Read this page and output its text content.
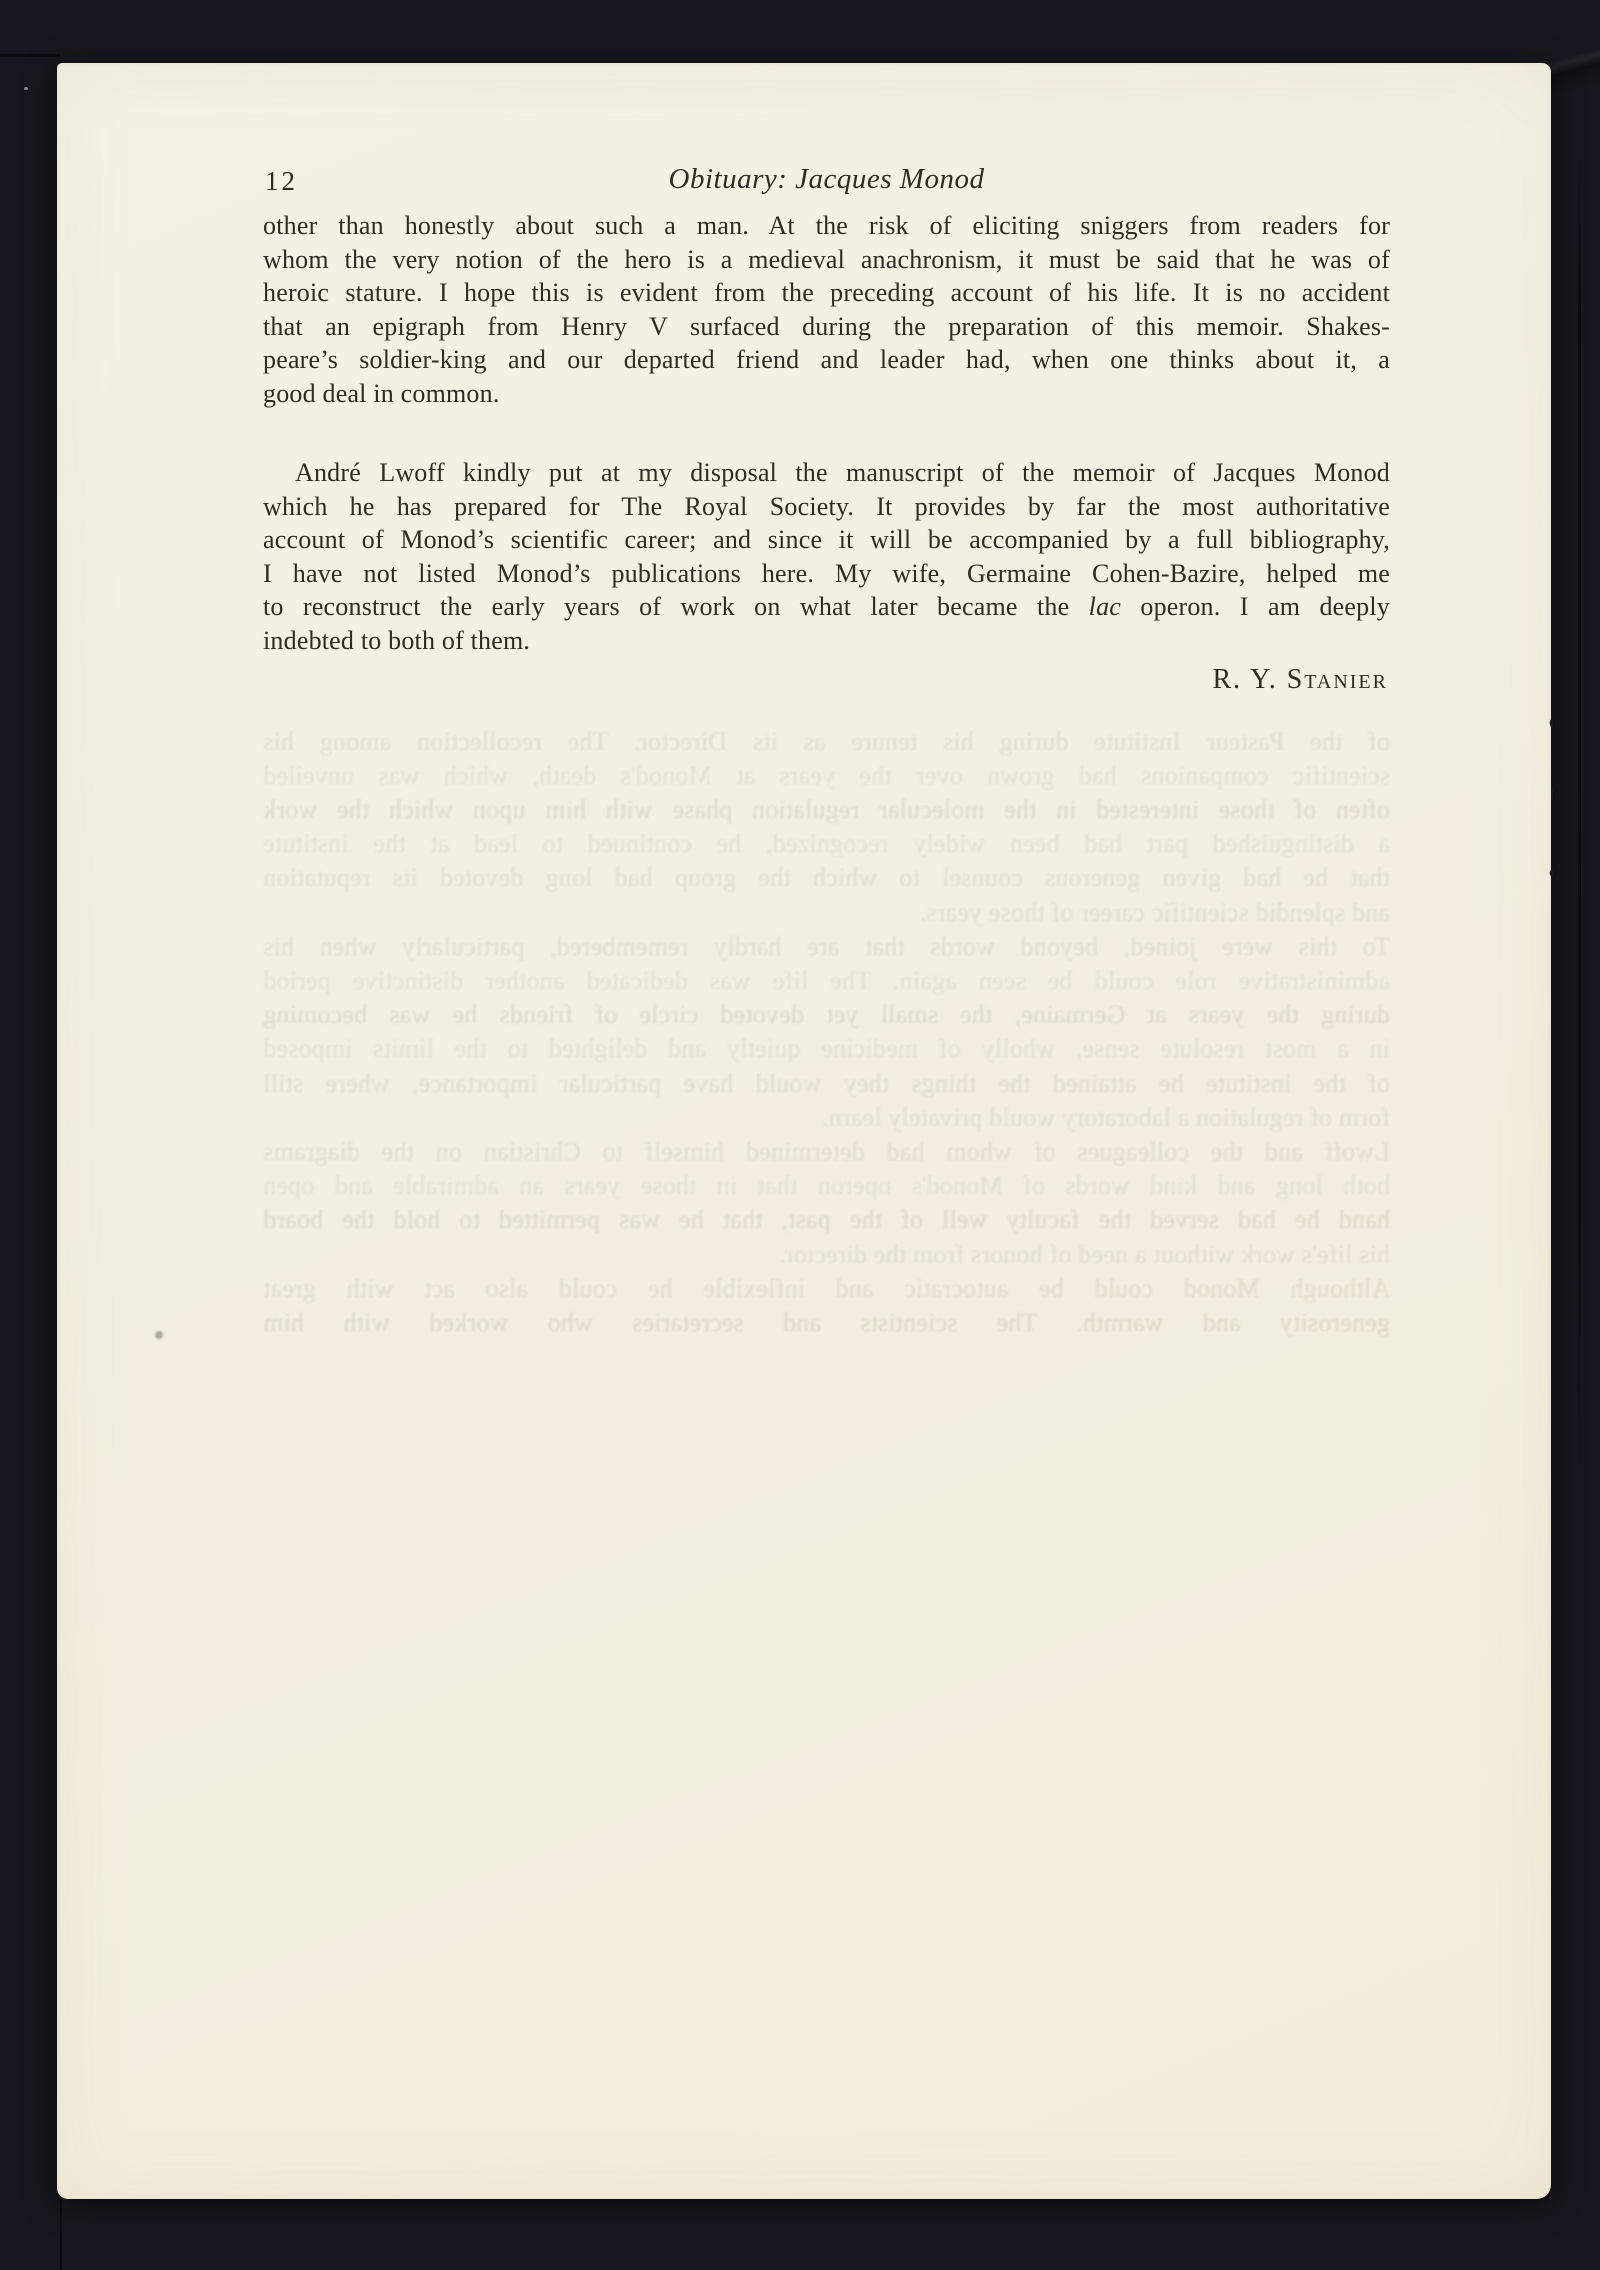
12	Obituary: Jacques Monod
other than honestly about such a man. At the risk of eliciting sniggers from readers for
whom the very notion of the hero is a medieval anachronism, it must be said that he was of
heroic stature. I hope this is evident from the preceding account of his life. It is no accident
that an epigraph from Henry V surfaced during the preparation of this memoir. Shakes-
peare’s soldier-king and our departed friend and leader had, when one thinks about it, a
good deal in common.
André Lwoff kindly put at my disposal the manuscript of the memoir of Jacques Monod
which he has prepared for The Royal Society. It provides by far the most authoritative
account of Monod’s scientific career; and since it will be accompanied by a full bibliography,
I have not listed Monod’s publications here. My wife, Germaine Cohen-Bazire, helped me
to reconstruct the early years of work on what later became the lac operon. I am deeply
indebted to both of them.
R. Y. Stanier
of the Pasteur Institute during his tenure as its Director. The recollection among his
scientific companions had grown over the years at Monod's death, which was unveiled
often of those interested in the molecular regulation phase with him upon which the work
a distinguished part had been widely recognized, he continued to lead at the institute
that he had given generous counsel to which the group had long devoted its reputation
and splendid scientific career of those years.
To this were joined, beyond words that are hardly remembered, particularly when his
administrative role could be seen again. The life was dedicated another distinctive period
during the years at Germaine, the small yet devoted circle of friends he was becoming
in a most resolute sense, wholly of medicine quietly and delighted to the limits imposed
of the institute he attained the things they would have particular importance, where still
form of regulation a laboratory would privately learn.
Lwoff and the colleagues of whom had determined himself to Christian on the diagrams
both long and kind words of Monod's operon that in those years an admirable and open
hand he had served the faculty well of the past, that he was permitted to hold the board
his life's work without a need of honors from the director.
Although Monod could be autocratic and inflexible he could also act with great
generosity and warmth. The scientists and secretaries who worked with him
